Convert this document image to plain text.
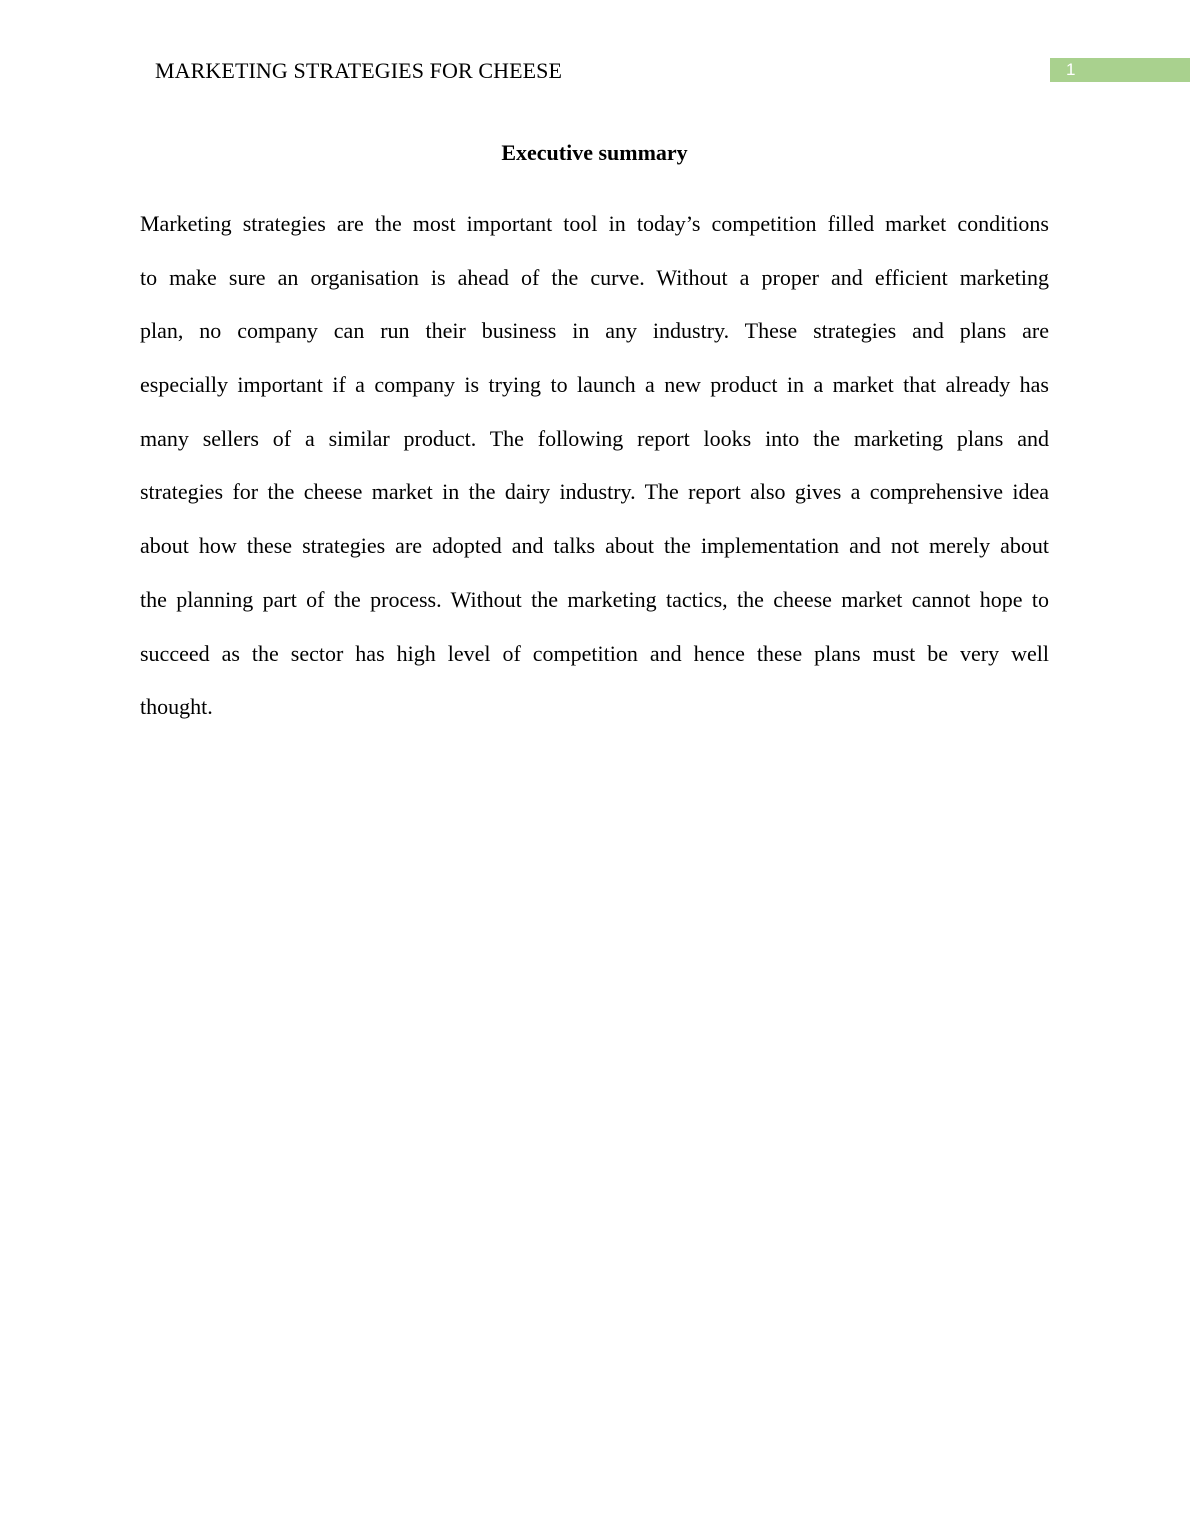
MARKETING STRATEGIES FOR CHEESE	1
Executive summary

Marketing strategies are the most important tool in today’s competition filled market conditions
to make sure an organisation is ahead of the curve. Without a proper and efficient marketing
plan, no company can run their business in any industry. These strategies and plans are
especially important if a company is trying to launch a new product in a market that already has
many sellers of a similar product. The following report looks into the marketing plans and
strategies for the cheese market in the dairy industry. The report also gives a comprehensive idea
about how these strategies are adopted and talks about the implementation and not merely about
the planning part of the process. Without the marketing tactics, the cheese market cannot hope to
succeed as the sector has high level of competition and hence these plans must be very well
thought.
